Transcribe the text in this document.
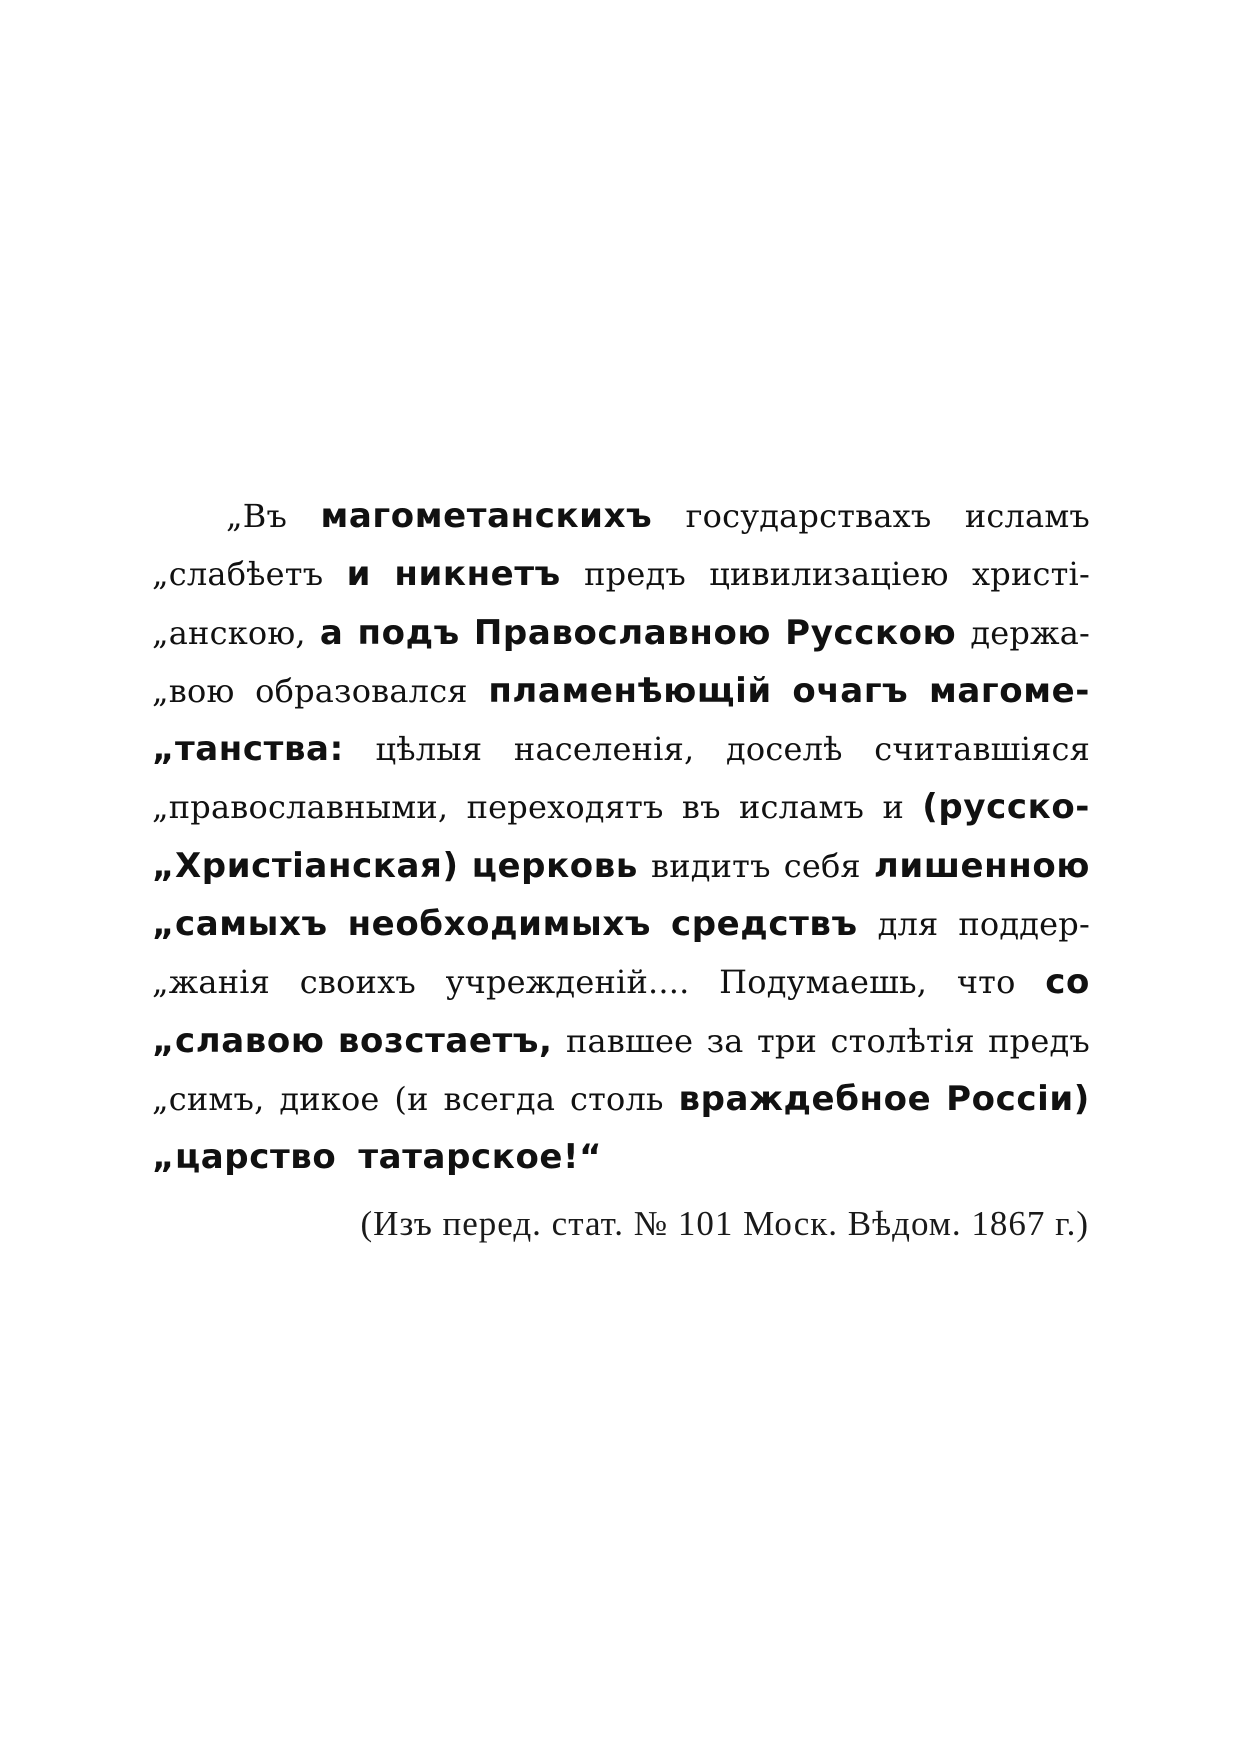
„Въ магометанскихъ государствахъ исламъ
„слабѣетъ и никнетъ предъ цивилизаціею христі-
„анскою, а подъ Православною Русскою держа-
„вою образовался пламенѣющій очагъ магоме-
„танства: цѣлыя населенія, доселѣ считавшіяся
„православными, переходятъ въ исламъ и (русско-
„Христіанская) церковь видитъ себя лишенною
„самыхъ необходимыхъ средствъ для поддер-
„жанія своихъ учрежденій.... Подумаешь, что со
„славою возстаетъ, павшее за три столѣтія предъ
„симъ, дикое (и всегда столь враждебное Россіи)
„царство татарское!“
(Изъ перед. стат. № 101 Моск. Вѣдом. 1867 г.)
